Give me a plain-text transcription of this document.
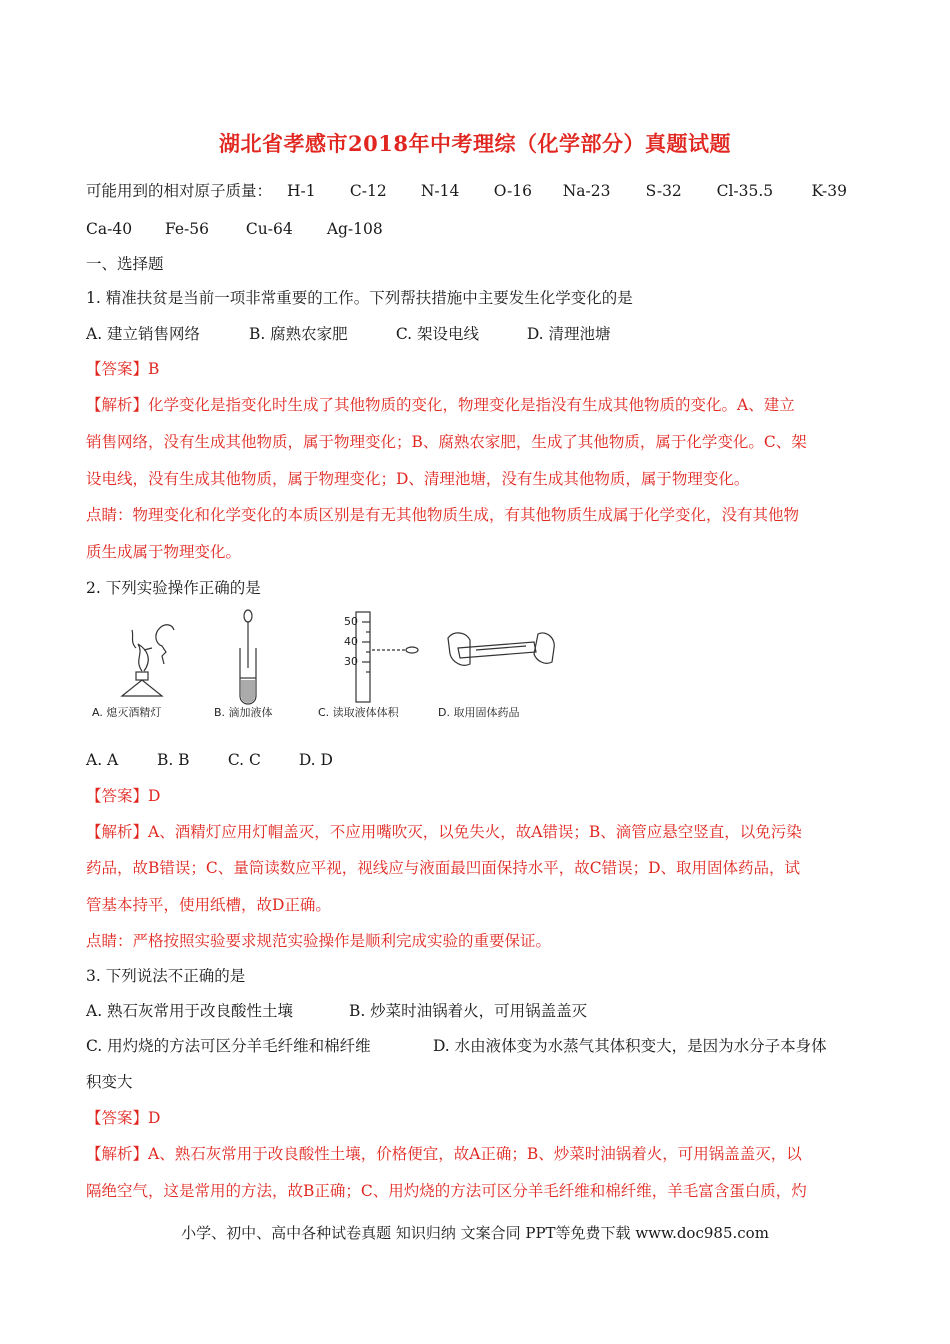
湖北省孝感市2018年中考理综（化学部分）真题试题
可能用到的相对原子质量： H-1 C-12 N-14 O-16 Na-23 S-32 Cl-35.5 K-39
Ca-40 Fe-56 Cu-64 Ag-108
一、选择题
1. 精准扶贫是当前一项非常重要的工作。下列帮扶措施中主要发生化学变化的是
A. 建立销售网络	B. 腐熟农家肥	C. 架设电线	D. 清理池塘
【答案】B
【解析】化学变化是指变化时生成了其他物质的变化，物理变化是指没有生成其他物质的变化。A、建立
销售网络，没有生成其他物质，属于物理变化；B、腐熟农家肥，生成了其他物质，属于化学变化。C、架
设电线，没有生成其他物质，属于物理变化；D、清理池塘，没有生成其他物质，属于物理变化。
点睛：物理变化和化学变化的本质区别是有无其他物质生成，有其他物质生成属于化学变化，没有其他物
质生成属于物理变化。
2. 下列实验操作正确的是
50
40
30
A. 熄灭酒精灯	B. 滴加液体	C. 读取液体体积	D. 取用固体药品
A. A B. B C. C D. D
【答案】D
【解析】A、酒精灯应用灯帽盖灭，不应用嘴吹灭，以免失火，故A错误；B、滴管应悬空竖直，以免污染
药品，故B错误；C、量筒读数应平视，视线应与液面最凹面保持水平，故C错误；D、取用固体药品，试
管基本持平，使用纸槽，故D正确。
点睛：严格按照实验要求规范实验操作是顺利完成实验的重要保证。
3. 下列说法不正确的是
A. 熟石灰常用于改良酸性土壤	B. 炒菜时油锅着火，可用锅盖盖灭
C. 用灼烧的方法可区分羊毛纤维和棉纤维	D. 水由液体变为水蒸气其体积变大，是因为水分子本身体
积变大
【答案】D
【解析】A、熟石灰常用于改良酸性土壤，价格便宜，故A正确；B、炒菜时油锅着火，可用锅盖盖灭，以
隔绝空气，这是常用的方法，故B正确；C、用灼烧的方法可区分羊毛纤维和棉纤维，羊毛富含蛋白质，灼
小学、初中、高中各种试卷真题 知识归纳 文案合同 PPT等免费下载 www.doc985.com
